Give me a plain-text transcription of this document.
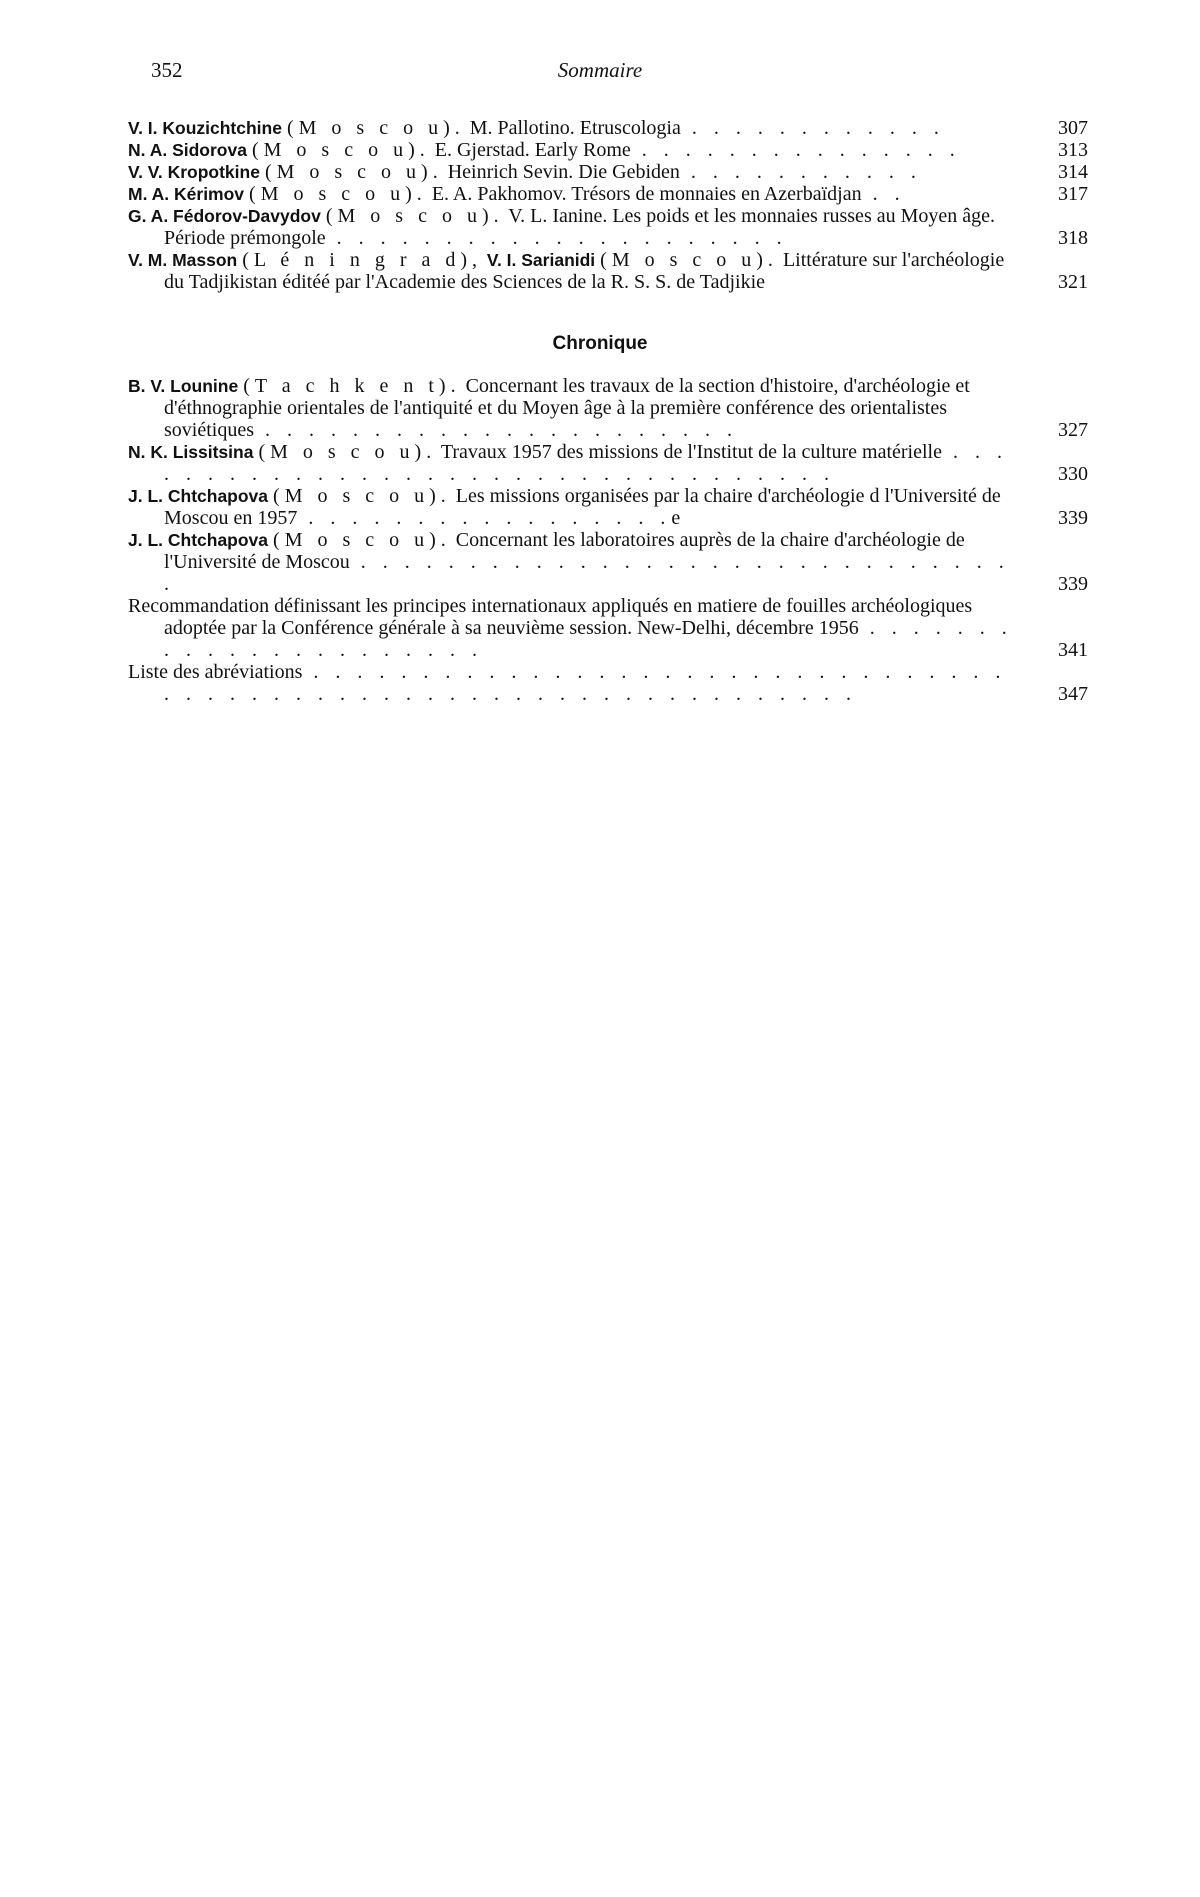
352	Sommaire
V. I. Kouzichtchine (M o s c o u). M. Pallotino. Etruscologia . . . . . . . . . . . .	307
N. A. Sidorova (M o s c o u). E. Gjerstad. Early Rome . . . . . . . . . . . . . . .	313
V. V. Kropotkine (M o s c o u). Heinrich Sevin. Die Gebiden . . . . . . . . . . .	314
M. A. Kérimov (M o s c o u). E. A. Pakhomov. Trésors de monnaies en Azerbaïdjan . .	317
G. A. Fédorov-Davydov (M o s c o u). V. L. Ianine. Les poids et les monnaies russes au Moyen âge. Période prémongole . . . . . . . . . . . . . . . . . . . . .	318
V. M. Masson (L é n i n g r a d), V. I. Sarianidi (M o s c o u). Littérature sur l'archéologie du Tadjikistan éditéé par l'Academie des Sciences de la R. S. S. de Tadjikie	321
Chronique
B. V. Lounine (T a c h k e n t). Concernant les travaux de la section d'histoire, d'archéologie et d'éthnographie orientales de l'antiquité et du Moyen âge à la première conférence des orientalistes soviétiques . . . . . . . . . . . . . . . . . . . . . .	327
N. K. Lissitsina (M o s c o u). Travaux 1957 des missions de l'Institut de la culture matérielle . . . . . . . . . . . . . . . . . . . . . . . . . . . . . . . . . .	330
J. L. Chtchapova (M o s c o u). Les missions organisées par la chaire d'archéologie d l'Université de Moscou en 1957 . . . . . . . . . . . . . . . . .e	339
J. L. Chtchapova (M o s c o u). Concernant les laboratoires auprès de la chaire d'archéologie de l'Université de Moscou . . . . . . . . . . . . . . . . . . . . . . . . . . . . . . .	339
Recommandation définissant les principes internationaux appliqués en matiere de fouilles archéologiques adoptée par la Conférence générale à sa neuvième session. New-Delhi, décembre 1956 . . . . . . . . . . . . . . . . . . . . . .	341
Liste des abréviations . . . . . . . . . . . . . . . . . . . . . . . . . . . . . . . . . . . . . . . . . . . . . . . . . . . . . . . . . . . . . . . .	347
